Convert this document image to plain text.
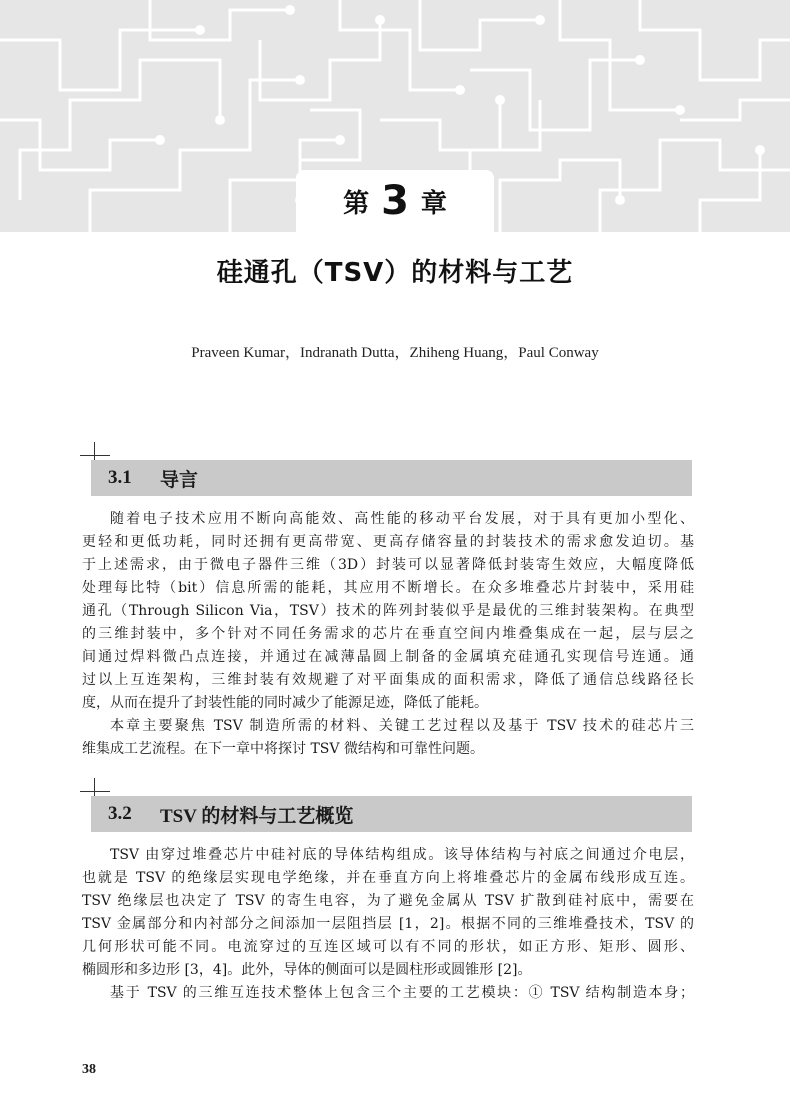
第 3 章
硅通孔（TSV）的材料与工艺
Praveen Kumar，Indranath Dutta，Zhiheng Huang，Paul Conway
3.1	导言
随着电子技术应用不断向高能效、高性能的移动平台发展，对于具有更加小型化、
更轻和更低功耗，同时还拥有更高带宽、更高存储容量的封装技术的需求愈发迫切。基
于上述需求，由于微电子器件三维（3D）封装可以显著降低封装寄生效应，大幅度降低
处理每比特（bit）信息所需的能耗，其应用不断增长。在众多堆叠芯片封装中，采用硅
通孔（Through Silicon Via，TSV）技术的阵列封装似乎是最优的三维封装架构。在典型
的三维封装中，多个针对不同任务需求的芯片在垂直空间内堆叠集成在一起，层与层之
间通过焊料微凸点连接，并通过在减薄晶圆上制备的金属填充硅通孔实现信号连通。通
过以上互连架构，三维封装有效规避了对平面集成的面积需求，降低了通信总线路径长
度，从而在提升了封装性能的同时减少了能源足迹，降低了能耗。
本章主要聚焦 TSV 制造所需的材料、关键工艺过程以及基于 TSV 技术的硅芯片三
维集成工艺流程。在下一章中将探讨 TSV 微结构和可靠性问题。
3.2	TSV 的材料与工艺概览
TSV 由穿过堆叠芯片中硅衬底的导体结构组成。该导体结构与衬底之间通过介电层，
也就是 TSV 的绝缘层实现电学绝缘，并在垂直方向上将堆叠芯片的金属布线形成互连。
TSV 绝缘层也决定了 TSV 的寄生电容，为了避免金属从 TSV 扩散到硅衬底中，需要在
TSV 金属部分和内衬部分之间添加一层阻挡层 [1，2]。根据不同的三维堆叠技术，TSV 的
几何形状可能不同。电流穿过的互连区域可以有不同的形状，如正方形、矩形、圆形、
椭圆形和多边形 [3，4]。此外，导体的侧面可以是圆柱形或圆锥形 [2]。
基于 TSV 的三维互连技术整体上包含三个主要的工艺模块：① TSV 结构制造本身；
38
